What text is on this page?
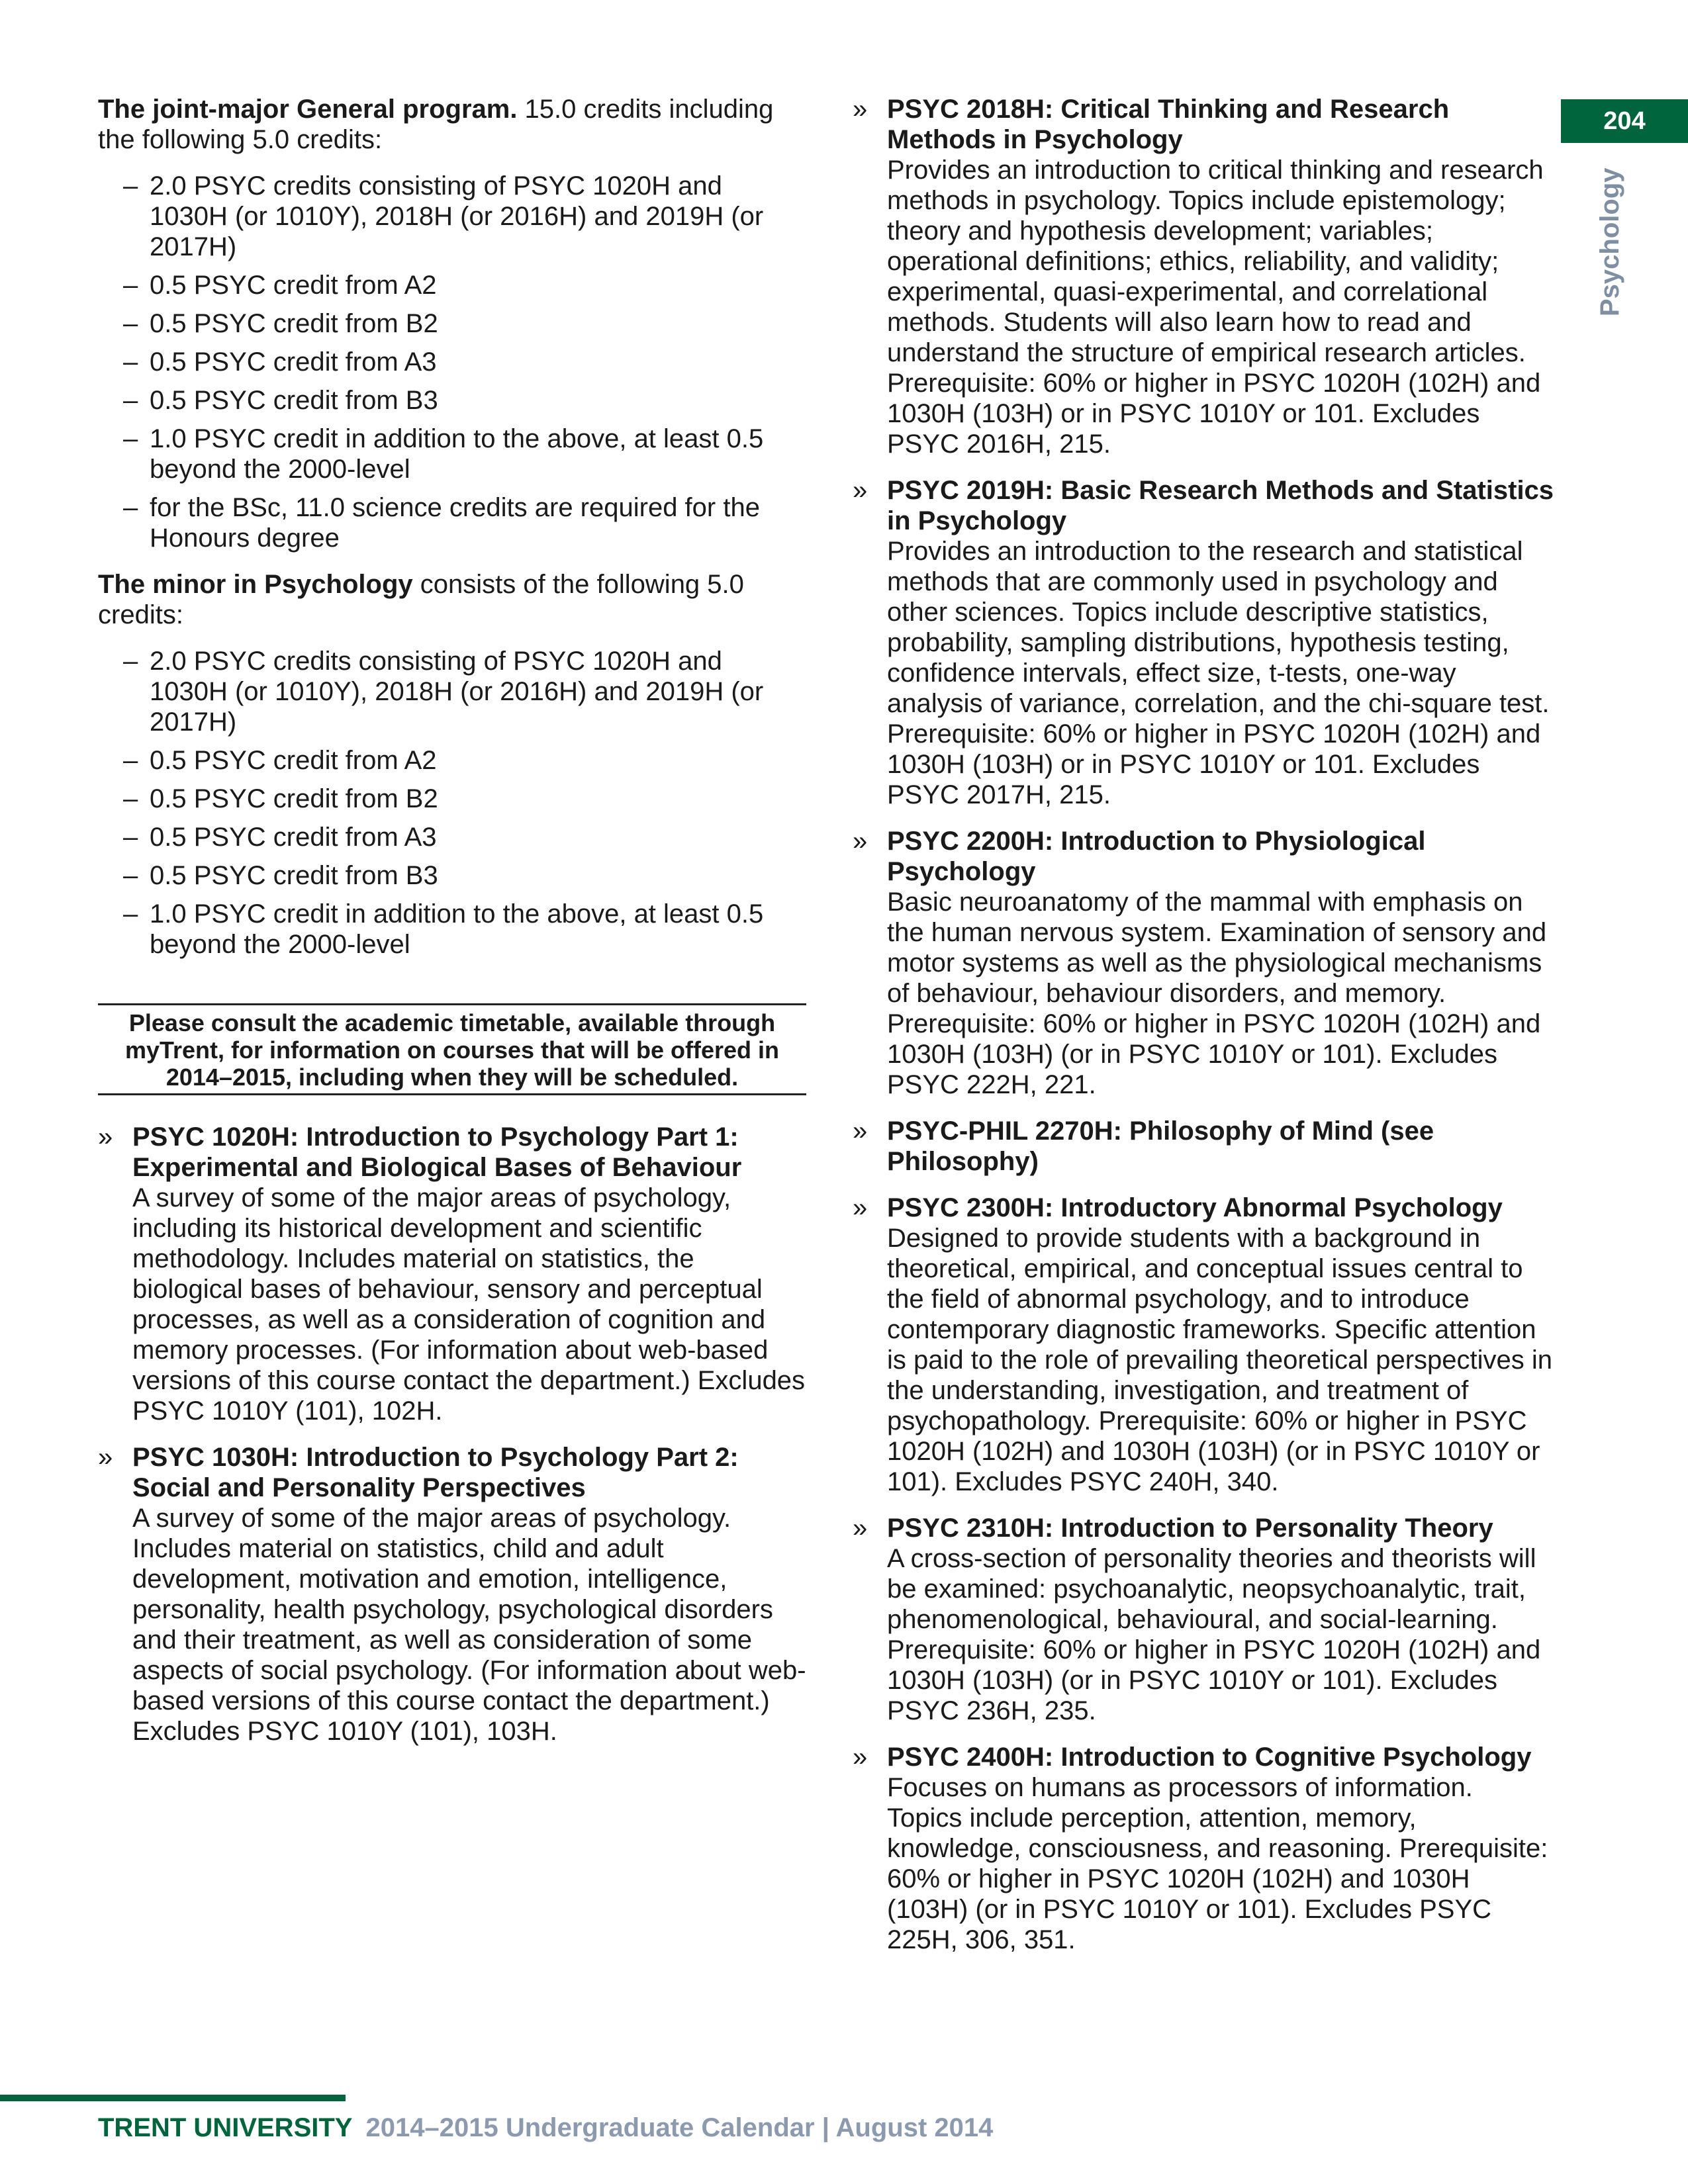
The joint-major General program. 15.0 credits including the following 5.0 credits:

– 2.0 PSYC credits consisting of PSYC 1020H and 1030H (or 1010Y), 2018H (or 2016H) and 2019H (or 2017H)
– 0.5 PSYC credit from A2
– 0.5 PSYC credit from B2
– 0.5 PSYC credit from A3
– 0.5 PSYC credit from B3
– 1.0 PSYC credit in addition to the above, at least 0.5 beyond the 2000-level
– for the BSc, 11.0 science credits are required for the Honours degree

The minor in Psychology consists of the following 5.0 credits:

– 2.0 PSYC credits consisting of PSYC 1020H and 1030H (or 1010Y), 2018H (or 2016H) and 2019H (or 2017H)
– 0.5 PSYC credit from A2
– 0.5 PSYC credit from B2
– 0.5 PSYC credit from A3
– 0.5 PSYC credit from B3
– 1.0 PSYC credit in addition to the above, at least 0.5 beyond the 2000-level
Please consult the academic timetable, available through myTrent, for information on courses that will be offered in 2014–2015, including when they will be scheduled.
» PSYC 1020H: Introduction to Psychology Part 1: Experimental and Biological Bases of Behaviour
A survey of some of the major areas of psychology, including its historical development and scientific methodology. Includes material on statistics, the biological bases of behaviour, sensory and perceptual processes, as well as a consideration of cognition and memory processes. (For information about web-based versions of this course contact the department.) Excludes PSYC 1010Y (101), 102H.
» PSYC 1030H: Introduction to Psychology Part 2: Social and Personality Perspectives
A survey of some of the major areas of psychology. Includes material on statistics, child and adult development, motivation and emotion, intelligence, personality, health psychology, psychological disorders and their treatment, as well as consideration of some aspects of social psychology. (For information about web-based versions of this course contact the department.) Excludes PSYC 1010Y (101), 103H.
» PSYC 2018H: Critical Thinking and Research Methods in Psychology
Provides an introduction to critical thinking and research methods in psychology. Topics include epistemology; theory and hypothesis development; variables; operational definitions; ethics, reliability, and validity; experimental, quasi-experimental, and correlational methods. Students will also learn how to read and understand the structure of empirical research articles. Prerequisite: 60% or higher in PSYC 1020H (102H) and 1030H (103H) or in PSYC 1010Y or 101. Excludes PSYC 2016H, 215.
» PSYC 2019H: Basic Research Methods and Statistics in Psychology
Provides an introduction to the research and statistical methods that are commonly used in psychology and other sciences. Topics include descriptive statistics, probability, sampling distributions, hypothesis testing, confidence intervals, effect size, t-tests, one-way analysis of variance, correlation, and the chi-square test. Prerequisite: 60% or higher in PSYC 1020H (102H) and 1030H (103H) or in PSYC 1010Y or 101. Excludes PSYC 2017H, 215.
» PSYC 2200H: Introduction to Physiological Psychology
Basic neuroanatomy of the mammal with emphasis on the human nervous system. Examination of sensory and motor systems as well as the physiological mechanisms of behaviour, behaviour disorders, and memory. Prerequisite: 60% or higher in PSYC 1020H (102H) and 1030H (103H) (or in PSYC 1010Y or 101). Excludes PSYC 222H, 221.
» PSYC-PHIL 2270H: Philosophy of Mind (see Philosophy)
» PSYC 2300H: Introductory Abnormal Psychology
Designed to provide students with a background in theoretical, empirical, and conceptual issues central to the field of abnormal psychology, and to introduce contemporary diagnostic frameworks. Specific attention is paid to the role of prevailing theoretical perspectives in the understanding, investigation, and treatment of psychopathology. Prerequisite: 60% or higher in PSYC 1020H (102H) and 1030H (103H) (or in PSYC 1010Y or 101). Excludes PSYC 240H, 340.
» PSYC 2310H: Introduction to Personality Theory
A cross-section of personality theories and theorists will be examined: psychoanalytic, neopsychoanalytic, trait, phenomenological, behavioural, and social-learning. Prerequisite: 60% or higher in PSYC 1020H (102H) and 1030H (103H) (or in PSYC 1010Y or 101). Excludes PSYC 236H, 235.
» PSYC 2400H: Introduction to Cognitive Psychology
Focuses on humans as processors of information. Topics include perception, attention, memory, knowledge, consciousness, and reasoning. Prerequisite: 60% or higher in PSYC 1020H (102H) and 1030H (103H) (or in PSYC 1010Y or 101). Excludes PSYC 225H, 306, 351.
204
Psychology
TRENT UNIVERSITY 2014–2015 Undergraduate Calendar | August 2014
